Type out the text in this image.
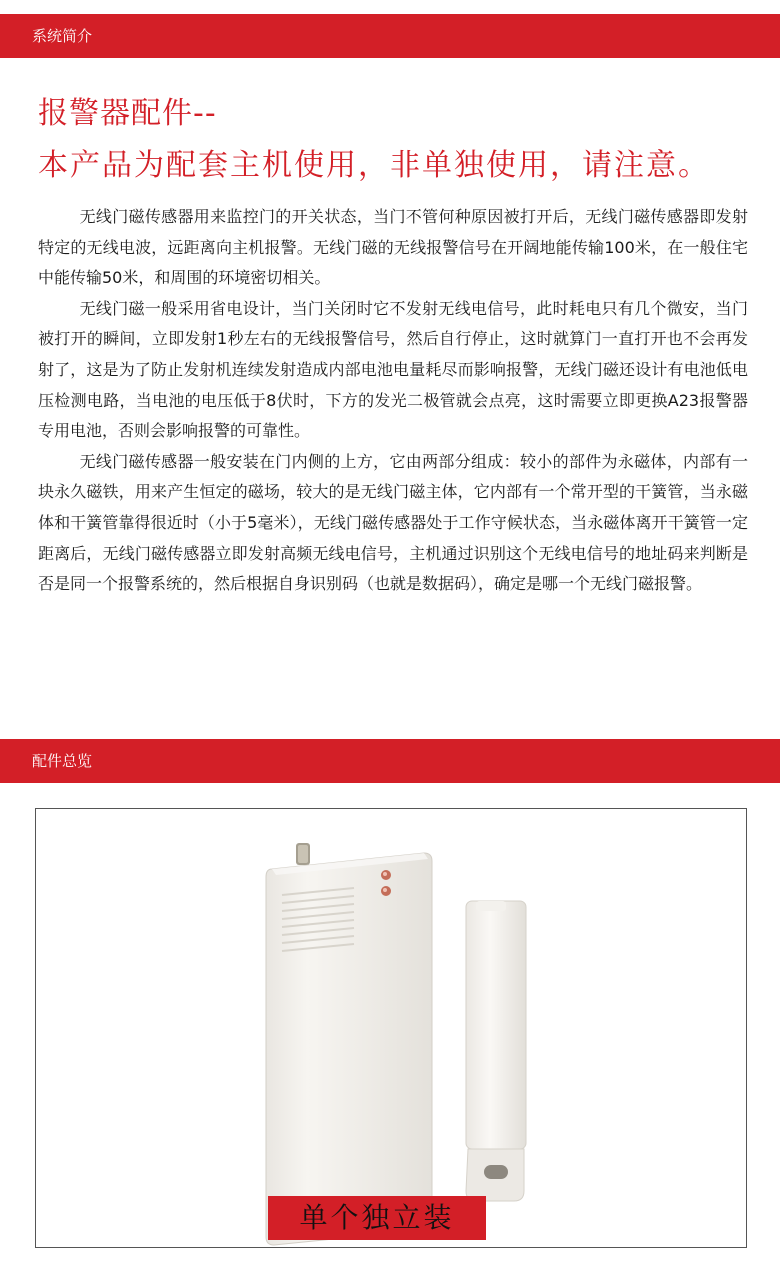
系统简介
报警器配件--
本产品为配套主机使用，非单独使用，请注意。

无线门磁传感器用来监控门的开关状态，当门不管何种原因被打开后，无线门磁传感器即发射特定的无线电波，远距离向主机报警。无线门磁的无线报警信号在开阔地能传输100米，在一般住宅中能传输50米，和周围的环境密切相关。

无线门磁一般采用省电设计，当门关闭时它不发射无线电信号，此时耗电只有几个微安，当门被打开的瞬间，立即发射1秒左右的无线报警信号，然后自行停止，这时就算门一直打开也不会再发射了，这是为了防止发射机连续发射造成内部电池电量耗尽而影响报警，无线门磁还设计有电池低电压检测电路，当电池的电压低于8伏时，下方的发光二极管就会点亮，这时需要立即更换A23报警器专用电池，否则会影响报警的可靠性。

无线门磁传感器一般安装在门内侧的上方，它由两部分组成：较小的部件为永磁体，内部有一块永久磁铁，用来产生恒定的磁场，较大的是无线门磁主体，它内部有一个常开型的干簧管，当永磁体和干簧管靠得很近时（小于5毫米），无线门磁传感器处于工作守候状态，当永磁体离开干簧管一定距离后，无线门磁传感器立即发射高频无线电信号，主机通过识别这个无线电信号的地址码来判断是否是同一个报警系统的，然后根据自身识别码（也就是数据码），确定是哪一个无线门磁报警。

配件总览
单个独立装
